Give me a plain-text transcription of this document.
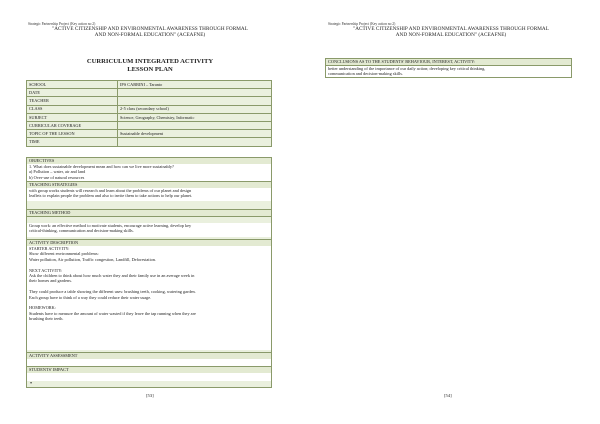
Strategic Partnership Project (Key action no 2)
"ACTIVE CITIZENSHIP AND ENVIRONMENTAL AWARENESS THROUGH FORMAL
AND NON-FORMAL EDUCATION" (ACEAFNE)
CURRICULUM INTEGRATED ACTIVITY
LESSON PLAN
SCHOOL	IPS CABRINI – Taranto
DATE	
TEACHER	
CLASS	2-5 class (secondary school)
SUBJECT	Science, Geography, Chemistry, Informatic
CURRICULAR COVERAGE	
TOPIC OF THE LESSON	Sustainable development
TIME	
OBJECTIVES

1. What does sustainable development mean and how can we live more sustainably?

a) Pollution – water, air and land

b) Over-use of natural resources

TEACHING STRATEGIES

with group works students will research and learn about the problems of our planet and design

leaflets to explain people the problem and also to invite them to take actions to help our planet.

TEACHING METHOD

Group work: an effective method to motivate students, encourage active learning, develop key

critical-thinking, communication and decision-making skills.

ACTIVITY DESCRIPTION

STARTER ACTIVITY:

Show different environmental problems:

Water pollution, Air pollution, Traffic congestion, Landfill, Deforestation.

NEXT ACTIVITY:

Ask the children to think about how much water they and their family use in an average week in

their homes and gardens.

They could produce a table showing the different uses: brushing teeth, cooking, watering garden.

Each group have to think of a way they could reduce their water usage.

HOMEWORK:

Students have to measure the amount of water wasted if they leave the tap running when they are

brushing their teeth.

ACTIVITY ASSESSMENT
STUDENTS' IMPACT
•
[53]
Strategic Partnership Project (Key action no 2)
"ACTIVE CITIZENSHIP AND ENVIRONMENTAL AWARENESS THROUGH FORMAL
AND NON-FORMAL EDUCATION" (ACEAFNE)
[54]
CONCLUSIONS AS TO THE STUDENTS' BEHAVIOUR, INTEREST, ACTIVITY:
better understanding of the importance of our daily action; developing key critical thinking,
communication and decision-making skills.
